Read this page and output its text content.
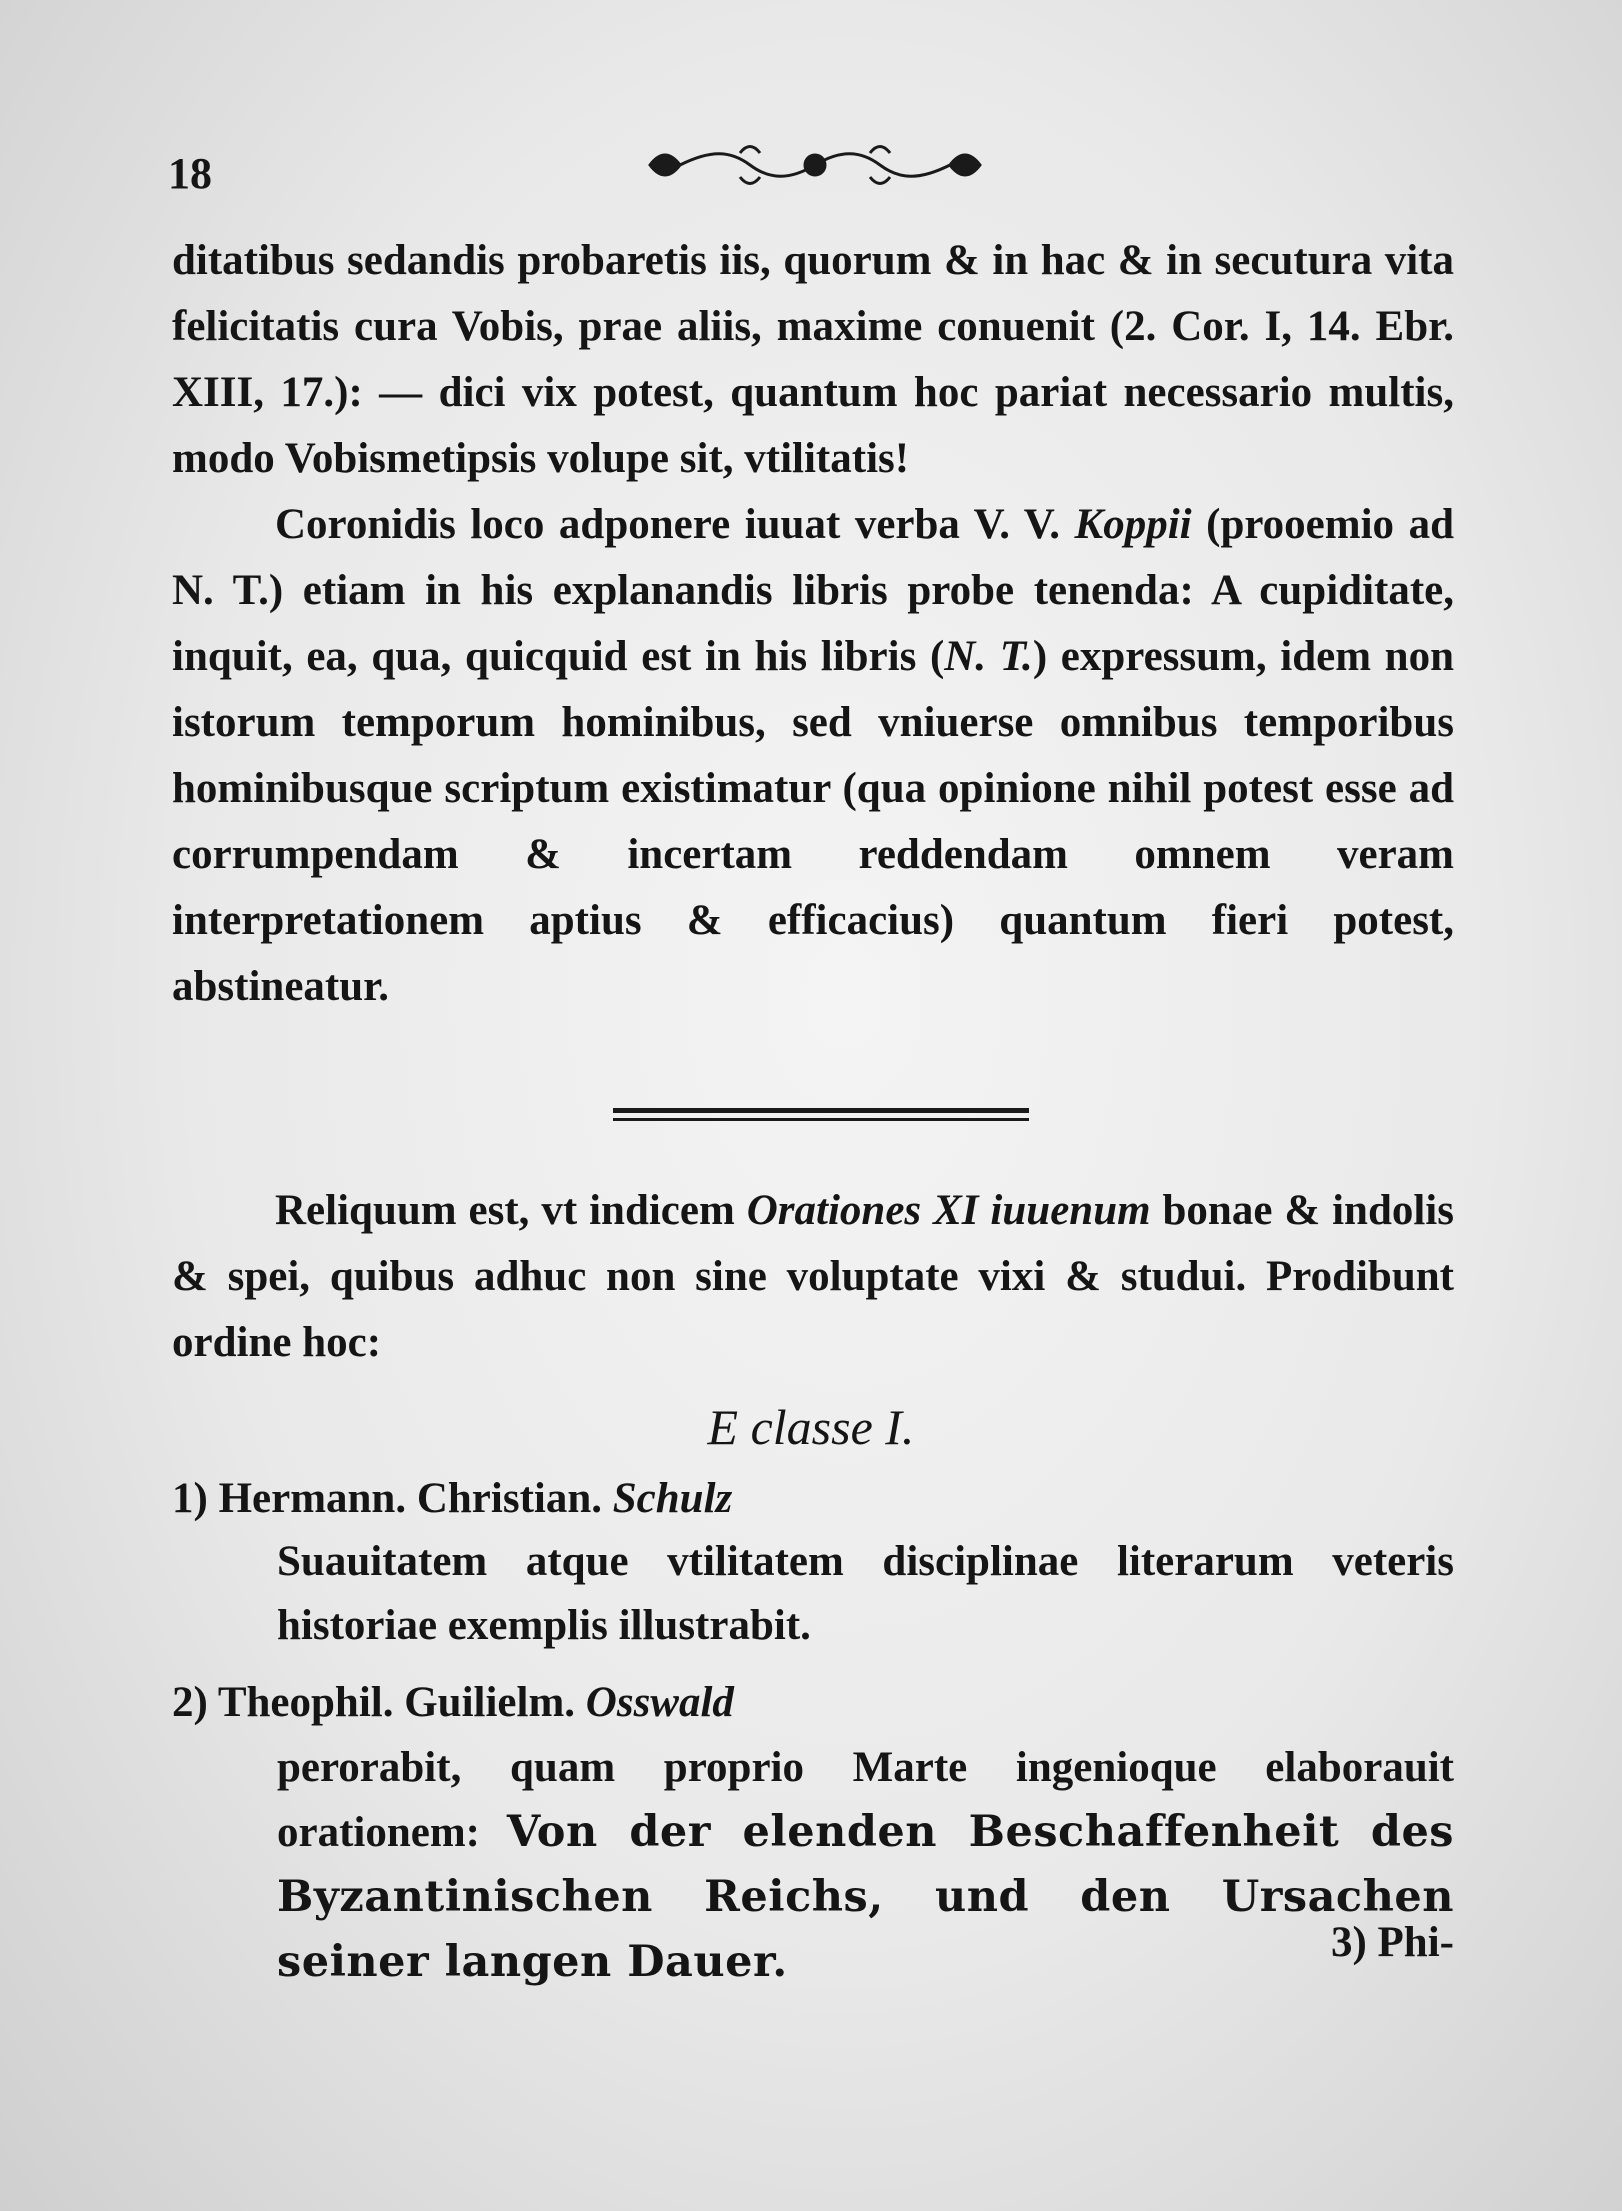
18

ditatibus sedandis probaretis iis, quorum & in hac & in secutura vita felicitatis cura Vobis, prae aliis, maxime conuenit (2. Cor. I, 14. Ebr. XIII, 17.): — dici vix potest, quantum hoc pariat necessario multis, modo Vobismetipsis volupe sit, vtilitatis!

Coronidis loco adponere iuuat verba V. V. Koppii (prooemio ad N. T.) etiam in his explanandis libris probe tenenda: A cupiditate, inquit, ea, qua, quicquid est in his libris (N. T.) expressum, idem non istorum temporum hominibus, sed vniuerse omnibus temporibus hominibusque scriptum existimatur (qua opinione nihil potest esse ad corrumpendam & incertam reddendam omnem veram interpretationem aptius & efficacius) quantum fieri potest, abstineatur.

Reliquum est, vt indicem Orationes XI iuuenum bonae & indolis & spei, quibus adhuc non sine voluptate vixi & studui. Prodibunt ordine hoc:

E classe I.
1) Hermann. Christian. Schulz
Suauitatem atque vtilitatem disciplinae literarum veteris historiae exemplis illustrabit.
2) Theophil. Guilielm. Osswald
perorabit, quam proprio Marte ingenioque elaborauit orationem: Von der elenden Beschaffenheit des Byzantinischen Reichs, und den Ursachen seiner langen Dauer.	3) Phi-
